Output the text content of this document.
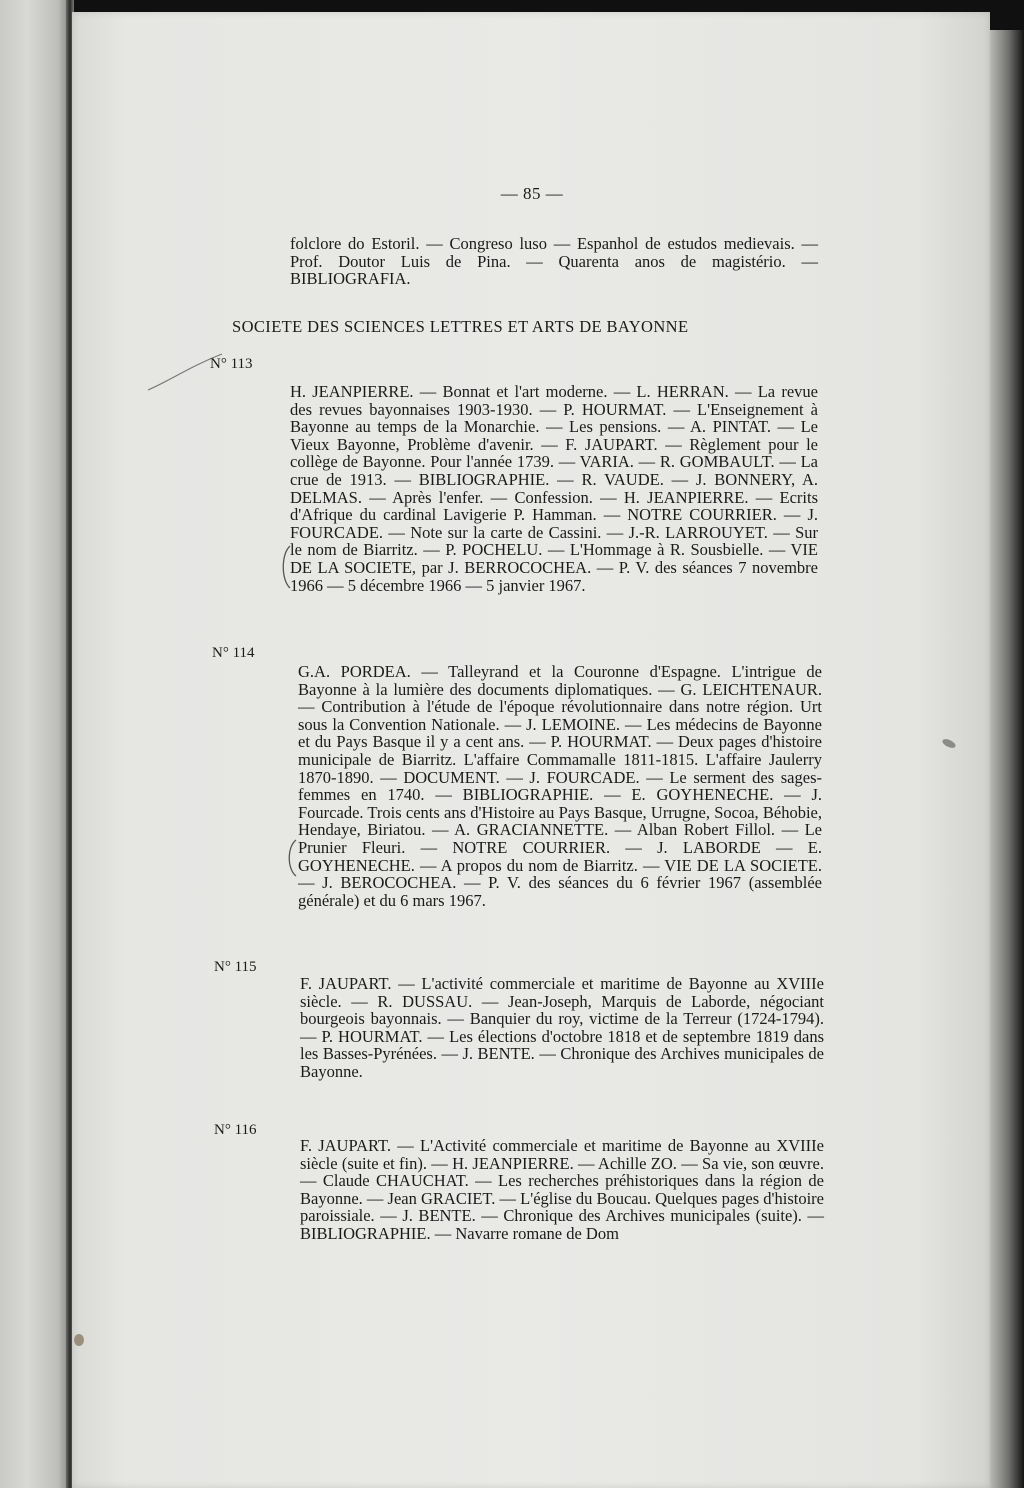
— 85 —

folclore do Estoril. — Congreso luso — Espanhol de estudos medievais. — Prof. Doutor Luis de Pina. — Quarenta anos de magistério. — BIBLIOGRAFIA.

SOCIETE DES SCIENCES LETTRES ET ARTS DE BAYONNE
N° 113

H. JEANPIERRE. — Bonnat et l'art moderne. — L. HERRAN. — La revue des revues bayonnaises 1903-1930. — P. HOURMAT. — L'Enseignement à Bayonne au temps de la Monarchie. — Les pensions. — A. PINTAT. — Le Vieux Bayonne, Problème d'avenir. — F. JAUPART. — Règlement pour le collège de Bayonne. Pour l'année 1739. — VARIA. — R. GOMBAULT. — La crue de 1913. — BIBLIOGRAPHIE. — R. VAUDE. — J. BONNERY, A. DELMAS. — Après l'enfer. — Confession. — H. JEANPIERRE. — Ecrits d'Afrique du cardinal Lavigerie P. Hamman. — NOTRE COURRIER. — J. FOURCADE. — Note sur la carte de Cassini. — J.-R. LARROUYET. — Sur le nom de Biarritz. — P. POCHELU. — L'Hommage à R. Sousbielle. — VIE DE LA SOCIETE, par J. BERROCOCHEA. — P. V. des séances 7 novembre 1966 — 5 décembre 1966 — 5 janvier 1967.

N° 114

G.A. PORDEA. — Talleyrand et la Couronne d'Espagne. L'intrigue de Bayonne à la lumière des documents diplomatiques. — G. LEICHTENAUR. — Contribution à l'étude de l'époque révolutionnaire dans notre région. Urt sous la Convention Nationale. — J. LEMOINE. — Les médecins de Bayonne et du Pays Basque il y a cent ans. — P. HOURMAT. — Deux pages d'histoire municipale de Biarritz. L'affaire Commamalle 1811-1815. L'affaire Jaulerry 1870-1890. — DOCUMENT. — J. FOURCADE. — Le serment des sages-femmes en 1740. — BIBLIOGRAPHIE. — E. GOYHENECHE. — J. Fourcade. Trois cents ans d'Histoire au Pays Basque, Urrugne, Socoa, Béhobie, Hendaye, Biriatou. — A. GRACIANNETTE. — Alban Robert Fillol. — Le Prunier Fleuri. — NOTRE COURRIER. — J. LABORDE — E. GOYHENECHE. — A propos du nom de Biarritz. — VIE DE LA SOCIETE. — J. BEROCOCHEA. — P. V. des séances du 6 février 1967 (assemblée générale) et du 6 mars 1967.

N° 115

F. JAUPART. — L'activité commerciale et maritime de Bayonne au XVIIIe siècle. — R. DUSSAU. — Jean-Joseph, Marquis de Laborde, négociant bourgeois bayonnais. — Banquier du roy, victime de la Terreur (1724-1794). — P. HOURMAT. — Les élections d'octobre 1818 et de septembre 1819 dans les Basses-Pyrénées. — J. BENTE. — Chronique des Archives municipales de Bayonne.

N° 116

F. JAUPART. — L'Activité commerciale et maritime de Bayonne au XVIIIe siècle (suite et fin). — H. JEANPIERRE. — Achille ZO. — Sa vie, son œuvre. — Claude CHAUCHAT. — Les recherches préhistoriques dans la région de Bayonne. — Jean GRACIET. — L'église du Boucau. Quelques pages d'histoire paroissiale. — J. BENTE. — Chronique des Archives municipales (suite). — BIBLIOGRAPHIE. — Navarre romane de Dom
